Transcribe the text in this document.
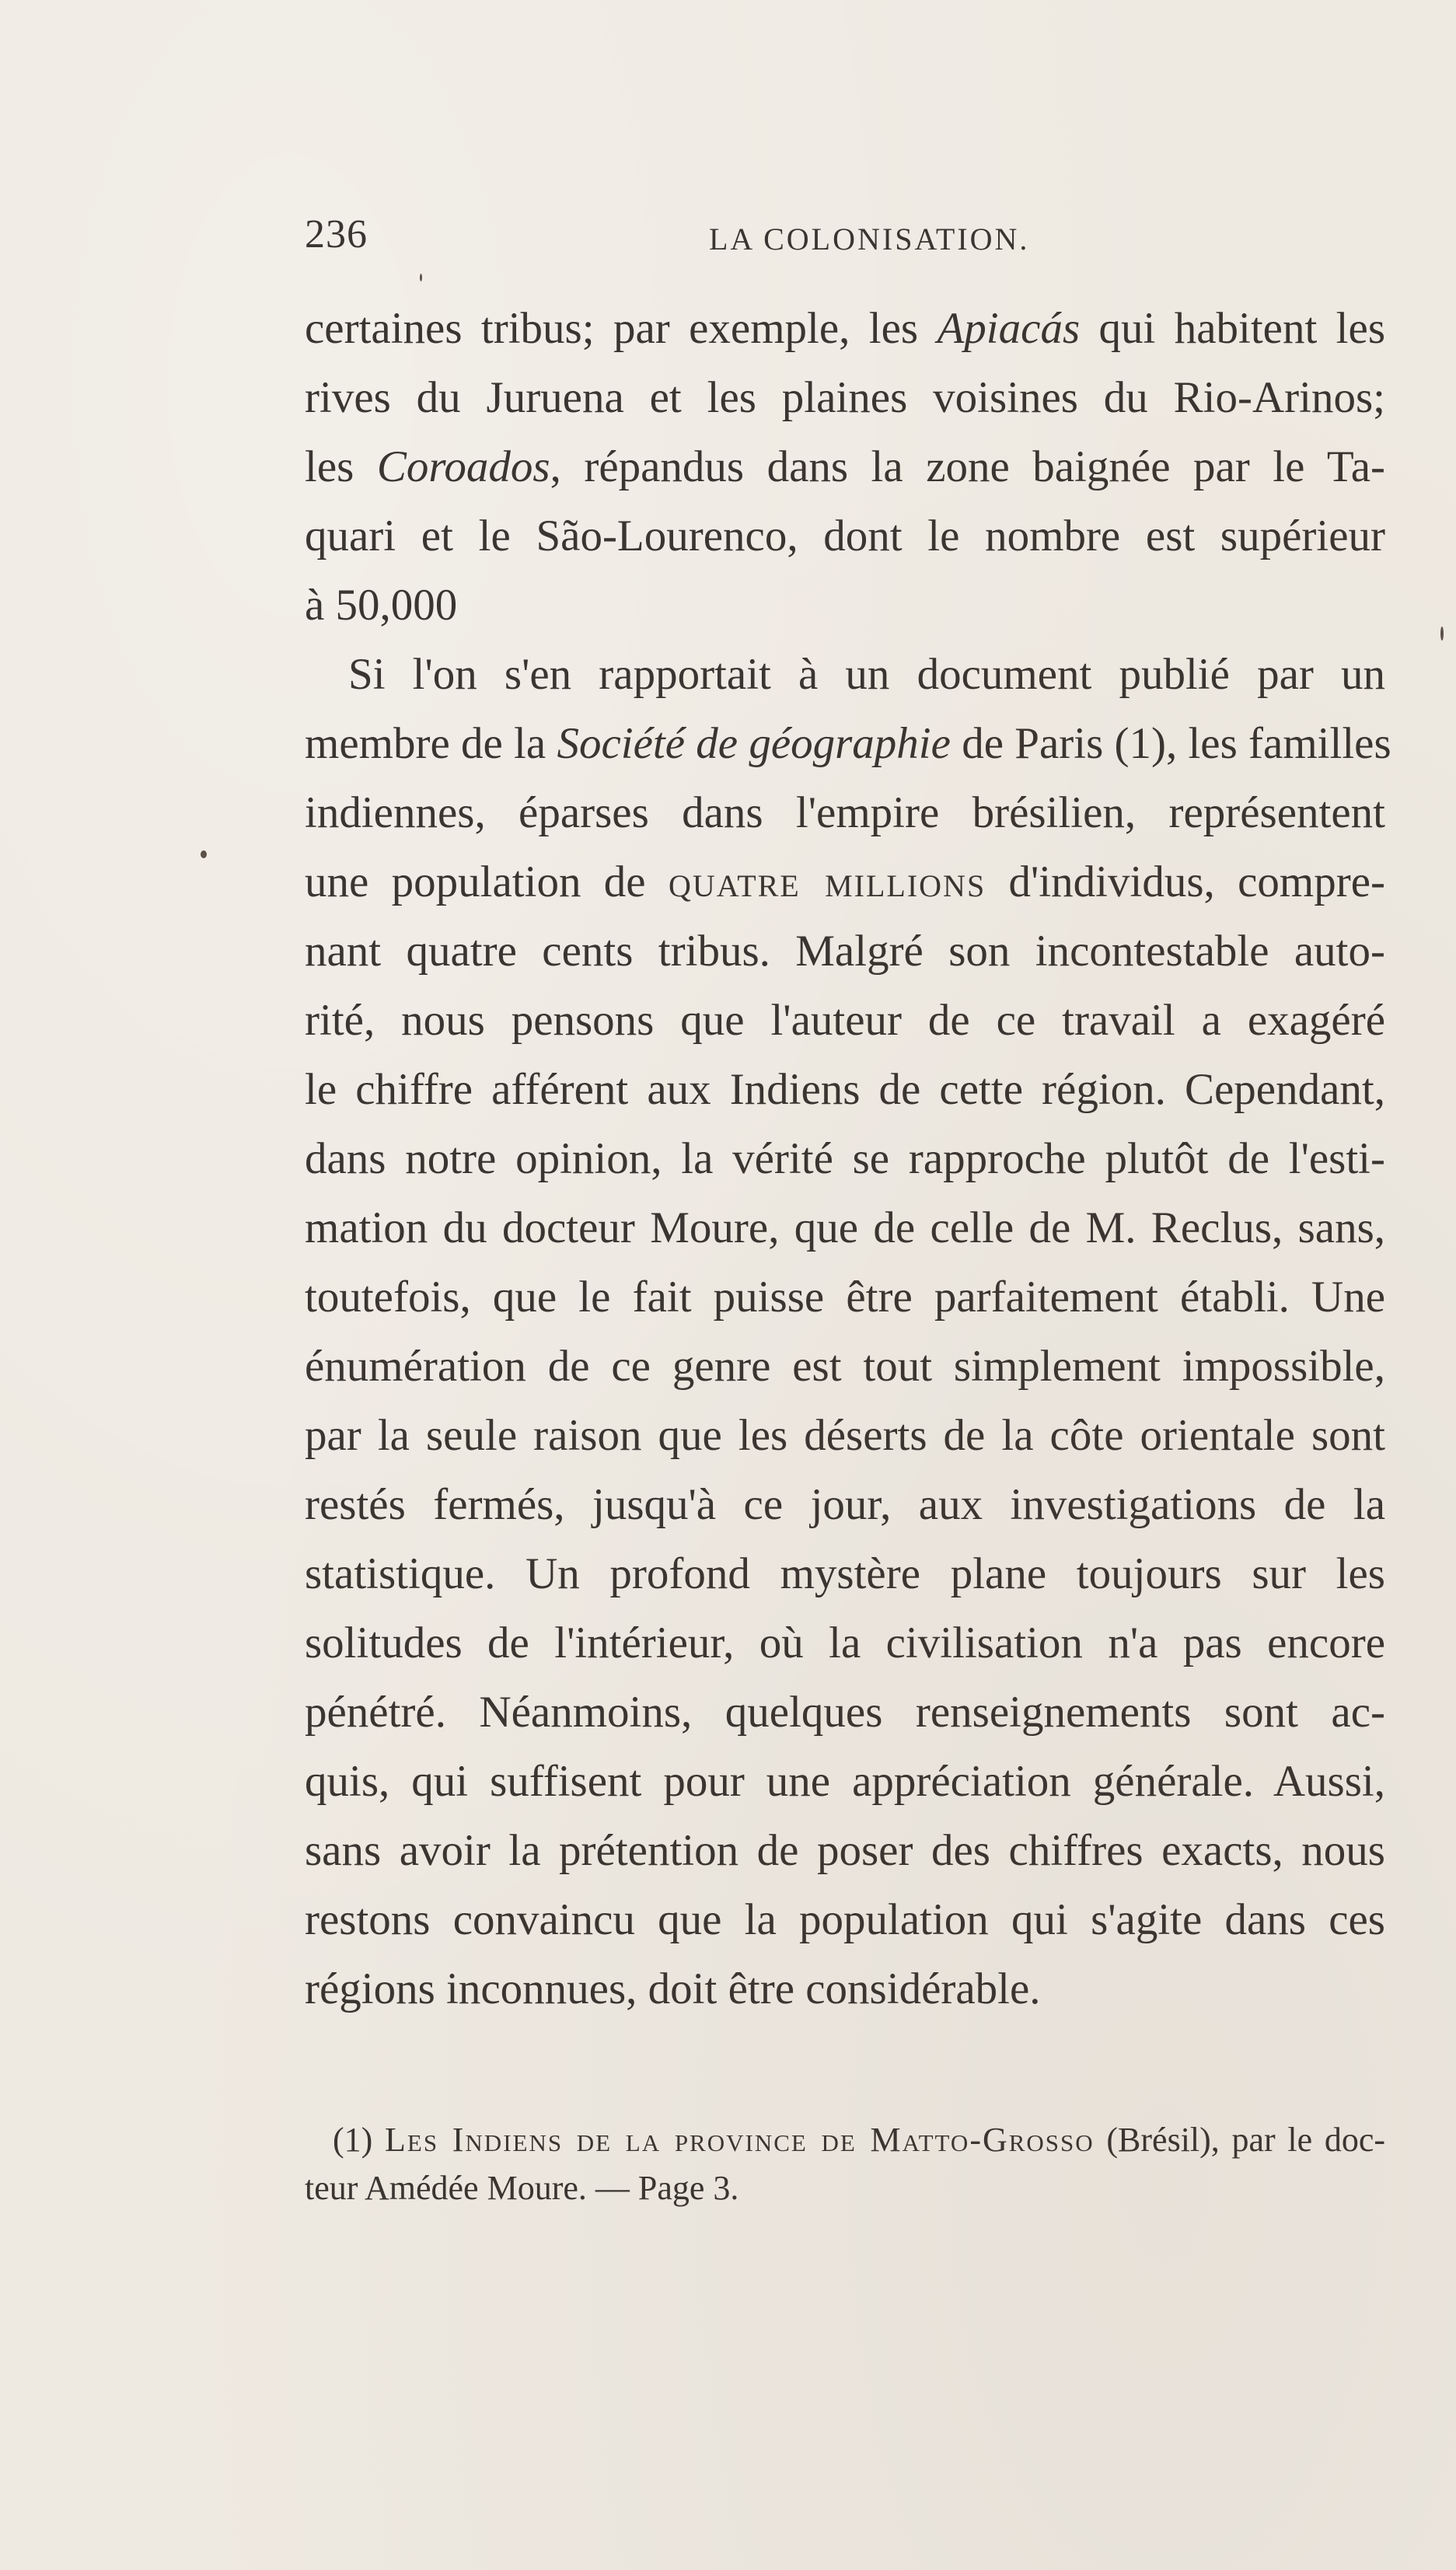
236	LA COLONISATION.
certaines tribus; par exemple, les Apiacás qui habitent les
rives du Juruena et les plaines voisines du Rio-Arinos;
les Coroados, répandus dans la zone baignée par le Ta-
quari et le São-Lourenco, dont le nombre est supérieur
à 50,000
Si l'on s'en rapportait à un document publié par un
membre de la Société de géographie de Paris (1), les familles
indiennes, éparses dans l'empire brésilien, représentent
une population de quatre millions d'individus, compre-
nant quatre cents tribus. Malgré son incontestable auto-
rité, nous pensons que l'auteur de ce travail a exagéré
le chiffre afférent aux Indiens de cette région. Cependant,
dans notre opinion, la vérité se rapproche plutôt de l'esti-
mation du docteur Moure, que de celle de M. Reclus, sans,
toutefois, que le fait puisse être parfaitement établi. Une
énumération de ce genre est tout simplement impossible,
par la seule raison que les déserts de la côte orientale sont
restés fermés, jusqu'à ce jour, aux investigations de la
statistique. Un profond mystère plane toujours sur les
solitudes de l'intérieur, où la civilisation n'a pas encore
pénétré. Néanmoins, quelques renseignements sont ac-
quis, qui suffisent pour une appréciation générale. Aussi,
sans avoir la prétention de poser des chiffres exacts, nous
restons convaincu que la population qui s'agite dans ces
régions inconnues, doit être considérable.
(1) Les Indiens de la province de Matto-Grosso (Brésil), par le doc-
teur Amédée Moure. — Page 3.
